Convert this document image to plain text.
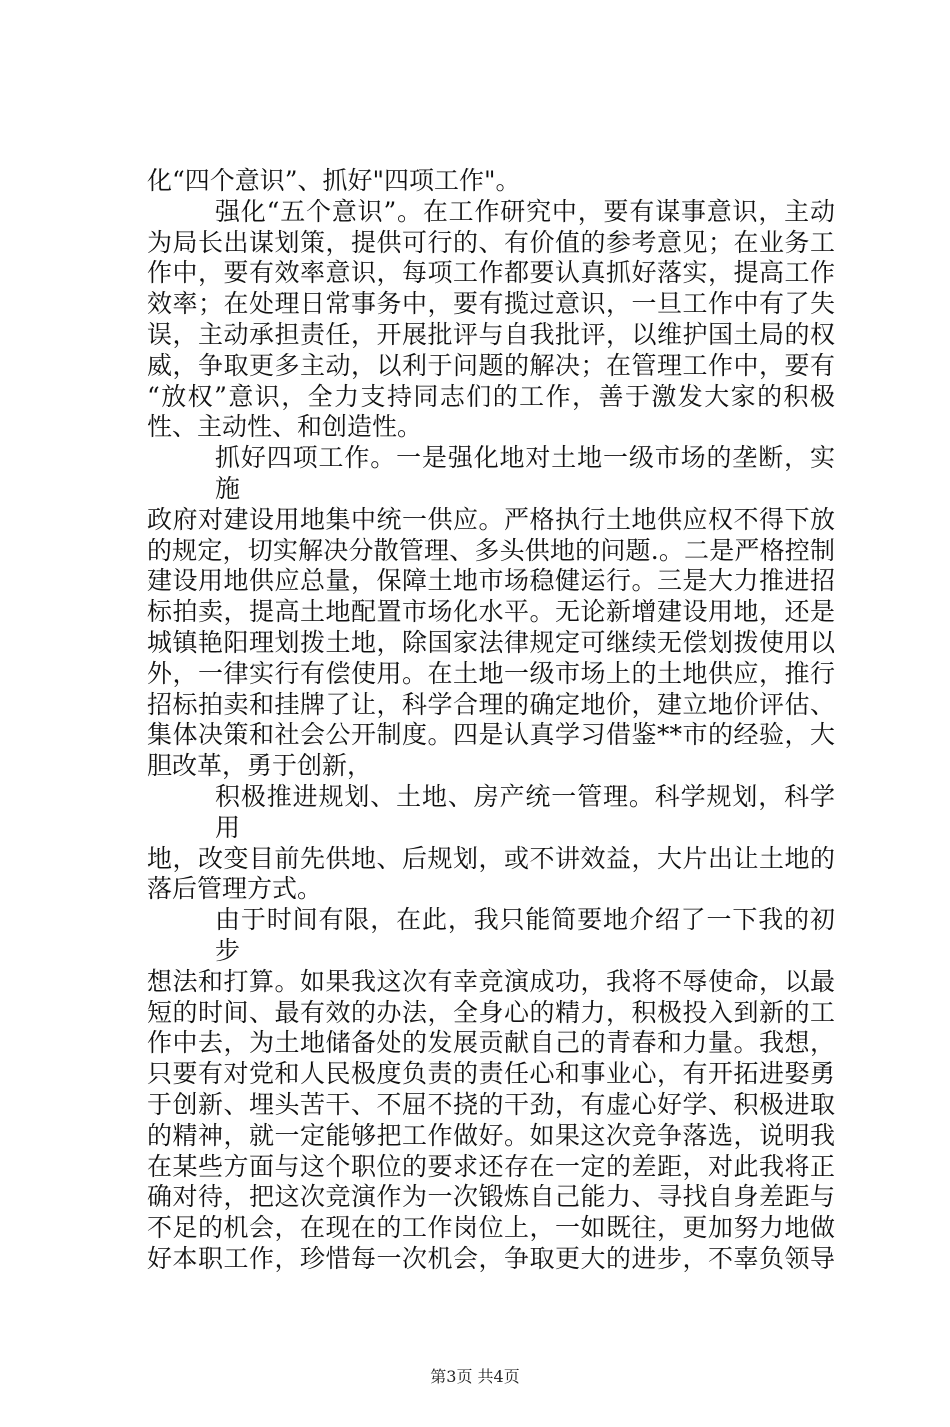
化“四个意识”、抓好"四项工作"。
强化“五个意识”。在工作研究中，要有谋事意识，主动
为局长出谋划策，提供可行的、有价值的参考意见；在业务工
作中，要有效率意识，每项工作都要认真抓好落实，提高工作
效率；在处理日常事务中，要有揽过意识，一旦工作中有了失
误，主动承担责任，开展批评与自我批评，以维护国土局的权
威，争取更多主动，以利于问题的解决；在管理工作中，要有
“放权”意识，全力支持同志们的工作，善于激发大家的积极
性、主动性、和创造性。
抓好四项工作。一是强化地对土地一级市场的垄断，实施
政府对建设用地集中统一供应。严格执行土地供应权不得下放
的规定，切实解决分散管理、多头供地的问题.。二是严格控制
建设用地供应总量，保障土地市场稳健运行。三是大力推进招
标拍卖，提高土地配置市场化水平。无论新增建设用地，还是
城镇艳阳理划拨土地，除国家法律规定可继续无偿划拨使用以
外，一律实行有偿使用。在土地一级市场上的土地供应，推行
招标拍卖和挂牌了让，科学合理的确定地价，建立地价评估、
集体决策和社会公开制度。四是认真学习借鉴**市的经验，大
胆改革，勇于创新，
积极推进规划、土地、房产统一管理。科学规划，科学用
地，改变目前先供地、后规划，或不讲效益，大片出让土地的
落后管理方式。
由于时间有限，在此，我只能简要地介绍了一下我的初步
想法和打算。如果我这次有幸竞演成功，我将不辱使命，以最
短的时间、最有效的办法，全身心的精力，积极投入到新的工
作中去，为土地储备处的发展贡献自己的青春和力量。我想，
只要有对党和人民极度负责的责任心和事业心，有开拓进娶勇
于创新、埋头苦干、不屈不挠的干劲，有虚心好学、积极进取
的精神，就一定能够把工作做好。如果这次竞争落选，说明我
在某些方面与这个职位的要求还存在一定的差距，对此我将正
确对待，把这次竞演作为一次锻炼自己能力、寻找自身差距与
不足的机会，在现在的工作岗位上，一如既往，更加努力地做
好本职工作，珍惜每一次机会，争取更大的进步，不辜负领导
第3页 共4页
